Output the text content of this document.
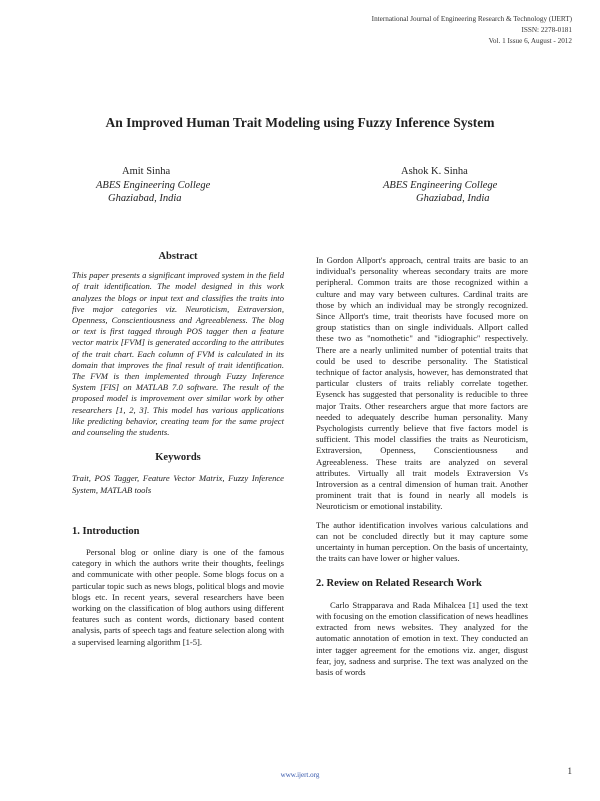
International Journal of Engineering Research & Technology (IJERT)
ISSN: 2278-0181
Vol. 1 Issue 6, August - 2012
An Improved Human Trait Modeling using Fuzzy Inference System
Amit Sinha
ABES Engineering College
Ghaziabad, India
Ashok K. Sinha
ABES Engineering College
Ghaziabad, India
Abstract

This paper presents a significant improved system in the field of trait identification. The model designed in this work analyzes the blogs or input text and classifies the traits into five major categories viz. Neuroticism, Extraversion, Openness, Conscientiousness and Agreeableness. The blog or text is first tagged through POS tagger then a feature vector matrix [FVM] is generated according to the attributes of the trait chart. Each column of FVM is calculated in its domain that improves the final result of trait identification. The FVM is then implemented through Fuzzy Inference System [FIS] on MATLAB 7.0 software. The result of the proposed model is improvement over similar work by other researchers [1, 2, 3]. This model has various applications like predicting behavior, creating team for the same project and counseling the students.

Keywords

Trait, POS Tagger, Feature Vector Matrix, Fuzzy Inference System, MATLAB tools

1. Introduction

Personal blog or online diary is one of the famous category in which the authors write their thoughts, feelings and communicate with other people. Some blogs focus on a particular topic such as news blogs, political blogs and movie blogs etc. In recent years, several researchers have been working on the classification of blog authors using different features such as content words, dictionary based content analysis, parts of speech tags and feature selection along with a supervised learning algorithm [1-5].

In Gordon Allport's approach, central traits are basic to an individual's personality whereas secondary traits are more peripheral. Common traits are those recognized within a culture and may vary between cultures. Cardinal traits are those by which an individual may be strongly recognized. Since Allport's time, trait theorists have focused more on group statistics than on single individuals. Allport called these two as "nomothetic" and "idiographic" respectively. There are a nearly unlimited number of potential traits that could be used to describe personality. The Statistical technique of factor analysis, however, has demonstrated that particular clusters of traits reliably correlate together. Eysenck has suggested that personality is reducible to three major Traits. Other researchers argue that more factors are needed to adequately describe human personality. Many Psychologists currently believe that five factors model is sufficient. This model classifies the traits as Neuroticism, Extraversion, Openness, Conscientiousness and Agreeableness. These traits are analyzed on several attributes. Virtually all trait models Extraversion Vs Introversion as a central dimension of human trait. Another prominent trait that is found in nearly all models is Neuroticism or emotional instability.

The author identification involves various calculations and can not be concluded directly but it may capture some uncertainty in human perception. On the basis of uncertainty, the traits can have lower or higher values.

2. Review on Related Research Work

Carlo Strapparava and Rada Mihalcea [1] used the text with focusing on the emotion classification of news headlines extracted from news websites. They analyzed for the automatic annotation of emotion in text. They conducted an inter tagger agreement for the emotions viz. anger, disgust fear, joy, sadness and surprise. The text was analyzed on the basis of words

www.ijert.org	1
